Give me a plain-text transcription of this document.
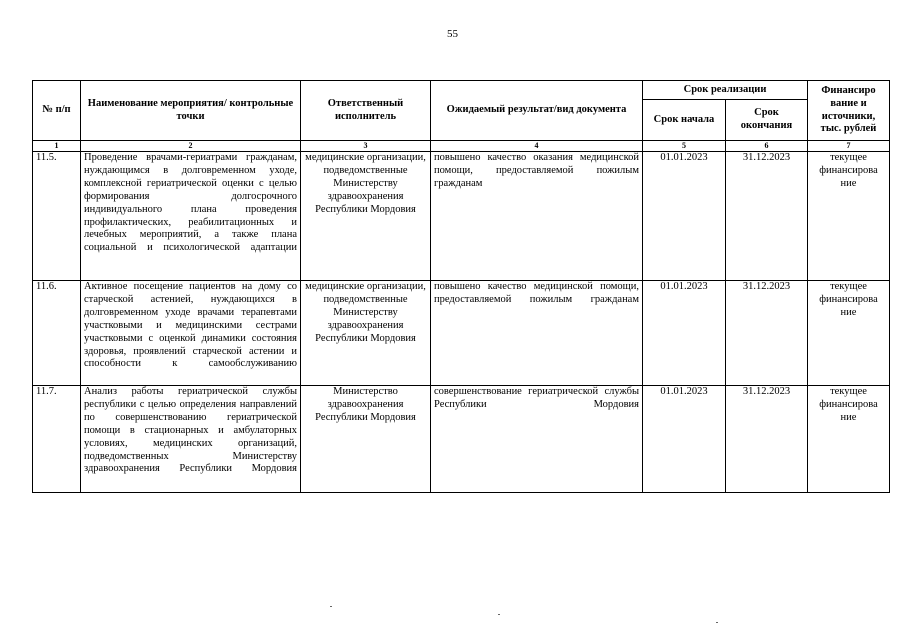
55
№ п/п	Наименование мероприятия/ контрольные точки	Ответственный исполнитель	Ожидаемый результат/вид документа	Срок реализации		Финансиро вание и источники, тыс. рублей
				Срок начала	Срок окончания	
1	2	3	4	5	6	7
11.5.	Проведение врачами-гериатрами гражданам, нуждающимся в долговременном уходе, комплексной гериатрической оценки с целью формирования долгосрочного индивидуального плана проведения профилактических, реабилитационных и лечебных мероприятий, а также плана социальной и психологической адаптации	медицинские организации, подведомственные Министерству здравоохранения Республики Мордовия	повышено качество оказания медицинской помощи, предоставляемой пожилым гражданам	01.01.2023	31.12.2023	текущее финансирова ние
11.6.	Активное посещение пациентов на дому со старческой астенией, нуждающихся в долговременном уходе врачами терапевтами участковыми и медицинскими сестрами участковыми с оценкой динамики состояния здоровья, проявлений старческой астении и способности к самообслуживанию	медицинские организации, подведомственные Министерству здравоохранения Республики Мордовия	повышено качество медицинской помощи, предоставляемой пожилым гражданам	01.01.2023	31.12.2023	текущее финансирова ние
11.7.	Анализ работы гериатрической службы республики с целью определения направлений по совершенствованию гериатрической помощи в стационарных и амбулаторных условиях, медицинских организаций, подведомственных Министерству здравоохранения Республики Мордовия	Министерство здравоохранения Республики Мордовия	совершенствование гериатрической службы Республики Мордовия	01.01.2023	31.12.2023	текущее финансирова ние
